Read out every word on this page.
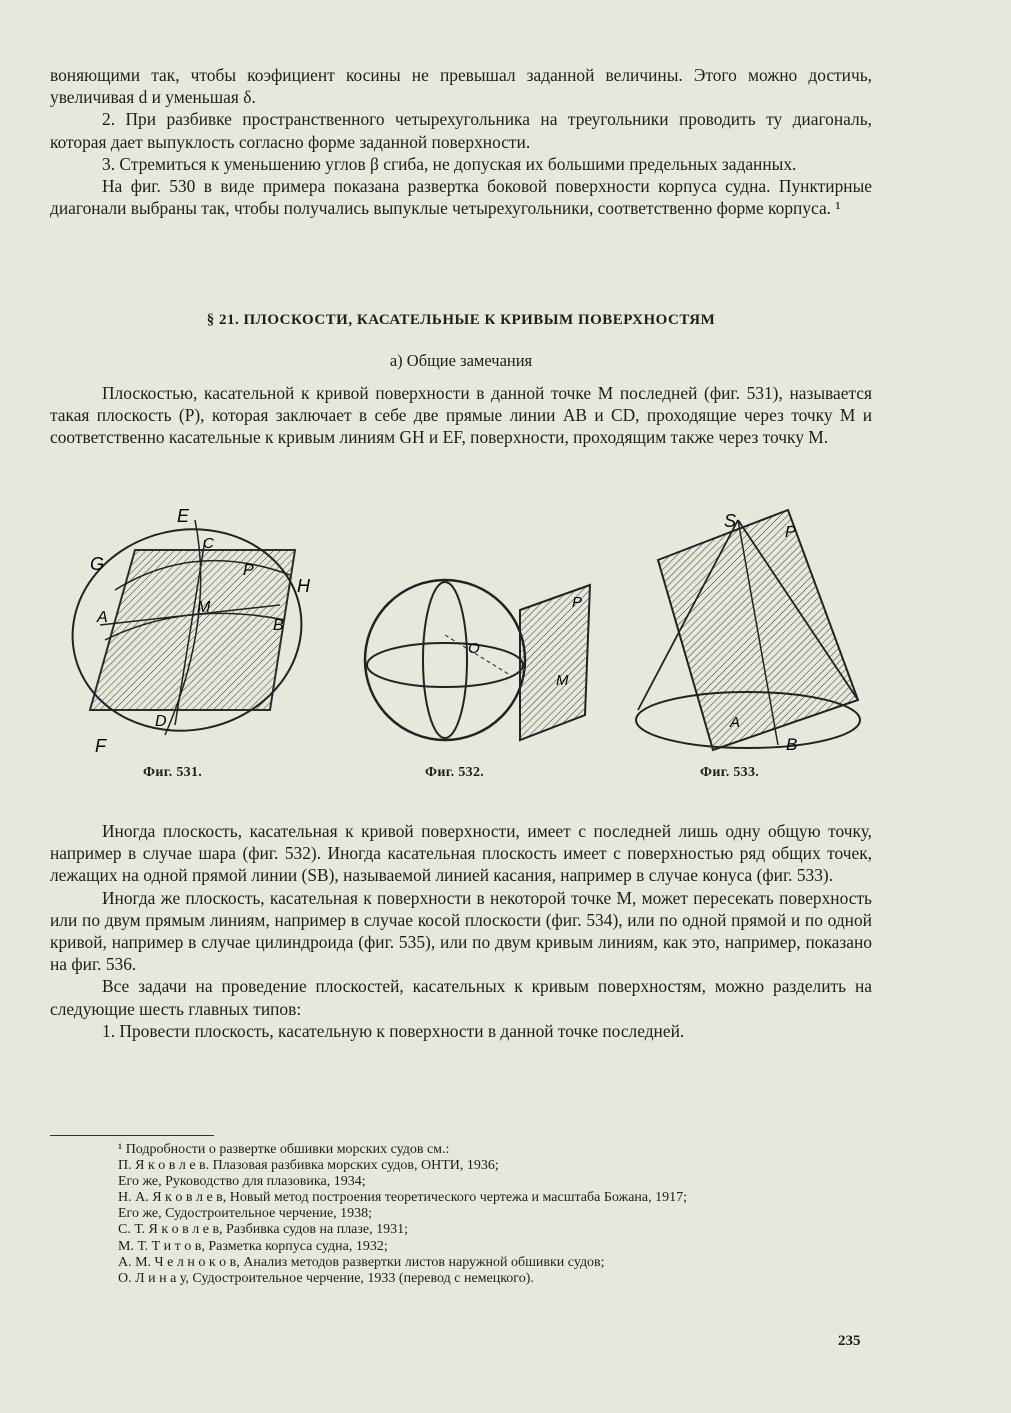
воняющими так, чтобы коэфициент косины не превышал заданной величины. Этого можно достичь, увеличивая d и уменьшая δ.

2. При разбивке пространственного четырехугольника на треугольники проводить ту диагональ, которая дает выпуклость согласно форме заданной поверхности.

3. Стремиться к уменьшению углов β сгиба, не допуская их большими предельных заданных.

На фиг. 530 в виде примера показана развертка боковой поверхности корпуса судна. Пунктирные диагонали выбраны так, чтобы получались выпуклые четырехугольники, соответственно форме корпуса. ¹

§ 21. ПЛОСКОСТИ, КАСАТЕЛЬНЫЕ К КРИВЫМ ПОВЕРХНОСТЯМ
а) Общие замечания

Плоскостью, касательной к кривой поверхности в данной точке M последней (фиг. 531), называется такая плоскость (P), которая заключает в себе две прямые линии AB и CD, проходящие через точку M и соответственно касательные к кривым линиям GH и EF, поверхности, проходящим также через точку M.

E
G
C
P
H
A
M
B
D
F
Фиг. 531.
P
O
M
Фиг. 532.
S
P
A
B
Фиг. 533.

Иногда плоскость, касательная к кривой поверхности, имеет с последней лишь одну общую точку, например в случае шара (фиг. 532). Иногда касательная плоскость имеет с поверхностью ряд общих точек, лежащих на одной прямой линии (SB), называемой линией касания, например в случае конуса (фиг. 533).

Иногда же плоскость, касательная к поверхности в некоторой точке M, может пересекать поверхность или по двум прямым линиям, например в случае косой плоскости (фиг. 534), или по одной прямой и по одной кривой, например в случае цилиндроида (фиг. 535), или по двум кривым линиям, как это, например, показано на фиг. 536.

Все задачи на проведение плоскостей, касательных к кривым поверхностям, можно разделить на следующие шесть главных типов:

1. Провести плоскость, касательную к поверхности в данной точке последней.

¹ Подробности о развертке обшивки морских судов см.:

П. Я к о в л е в. Плазовая разбивка морских судов, ОНТИ, 1936;

Его же, Руководство для плазовика, 1934;

Н. А. Я к о в л е в, Новый метод построения теоретического чертежа и масштаба Божана, 1917;

Его же, Судостроительное черчение, 1938;

С. Т. Я к о в л е в, Разбивка судов на плазе, 1931;

М. Т. Т и т о в, Разметка корпуса судна, 1932;

А. М. Ч е л н о к о в, Анализ методов развертки листов наружной обшивки судов;

О. Л и н а у, Судостроительное черчение, 1933 (перевод с немецкого).

235
